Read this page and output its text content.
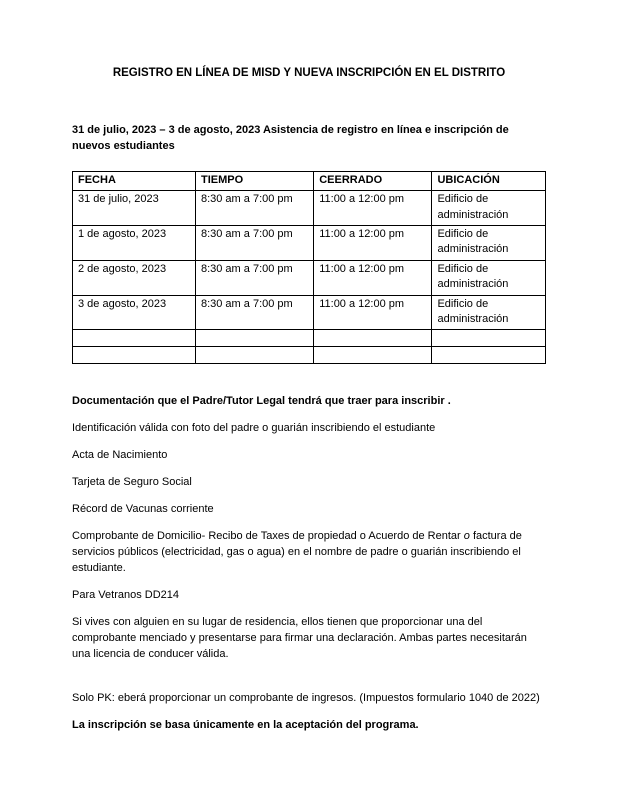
REGISTRO EN LÍNEA DE MISD Y NUEVA INSCRIPCIÓN EN EL DISTRITO

31 de julio, 2023 – 3 de agosto, 2023 Asistencia de registro en línea e inscripción de nuevos estudiantes

FECHA	TIEMPO	CEERRADO	UBICACIÓN
31 de julio, 2023	8:30 am a 7:00 pm	11:00 a 12:00 pm	Edificio de administración
1 de agosto, 2023	8:30 am a 7:00 pm	11:00 a 12:00 pm	Edificio de administración
2 de agosto, 2023	8:30 am a 7:00 pm	11:00 a 12:00 pm	Edificio de administración
3 de agosto, 2023	8:30 am a 7:00 pm	11:00 a 12:00 pm	Edificio de administración

Documentación que el Padre/Tutor Legal tendrá que traer para inscribir .

Identificación válida con foto del padre o guarián inscribiendo el estudiante

Acta de Nacimiento

Tarjeta de Seguro Social

Récord de Vacunas corriente

Comprobante de Domicilio- Recibo de Taxes de propiedad o Acuerdo de Rentar o factura de servicios públicos (electricidad, gas o agua) en el nombre de padre o guarián inscribiendo el estudiante.

Para Vetranos DD214

Si vives con alguien en su lugar de residencia, ellos tienen que proporcionar una del comprobante menciado y presentarse para firmar una declaración. Ambas partes necesitarán una licencia de conducer válida.

Solo PK: eberá proporcionar un comprobante de ingresos. (Impuestos formulario 1040 de 2022)

La inscripción se basa únicamente en la aceptación del programa.
